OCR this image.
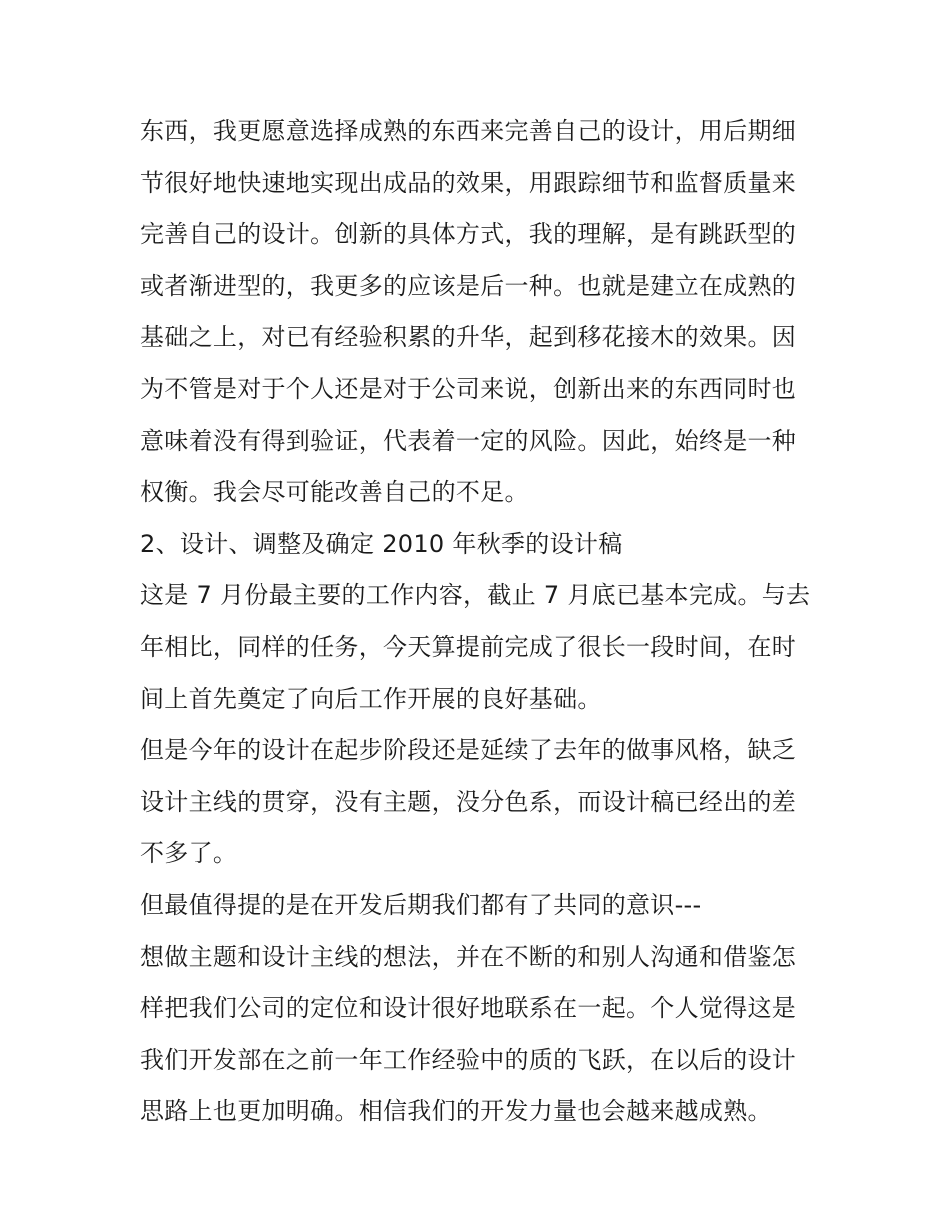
东西，我更愿意选择成熟的东西来完善自己的设计，用后期细
节很好地快速地实现出成品的效果，用跟踪细节和监督质量来
完善自己的设计。创新的具体方式，我的理解，是有跳跃型的
或者渐进型的，我更多的应该是后一种。也就是建立在成熟的
基础之上，对已有经验积累的升华，起到移花接木的效果。因
为不管是对于个人还是对于公司来说，创新出来的东西同时也
意味着没有得到验证，代表着一定的风险。因此，始终是一种
权衡。我会尽可能改善自己的不足。
2、设计、调整及确定 2010 年秋季的设计稿
这是 7 月份最主要的工作内容，截止 7 月底已基本完成。与去
年相比，同样的任务，今天算提前完成了很长一段时间，在时
间上首先奠定了向后工作开展的良好基础。
但是今年的设计在起步阶段还是延续了去年的做事风格，缺乏
设计主线的贯穿，没有主题，没分色系，而设计稿已经出的差
不多了。
但最值得提的是在开发后期我们都有了共同的意识---
想做主题和设计主线的想法，并在不断的和别人沟通和借鉴怎
样把我们公司的定位和设计很好地联系在一起。个人觉得这是
我们开发部在之前一年工作经验中的质的飞跃，在以后的设计
思路上也更加明确。相信我们的开发力量也会越来越成熟。
